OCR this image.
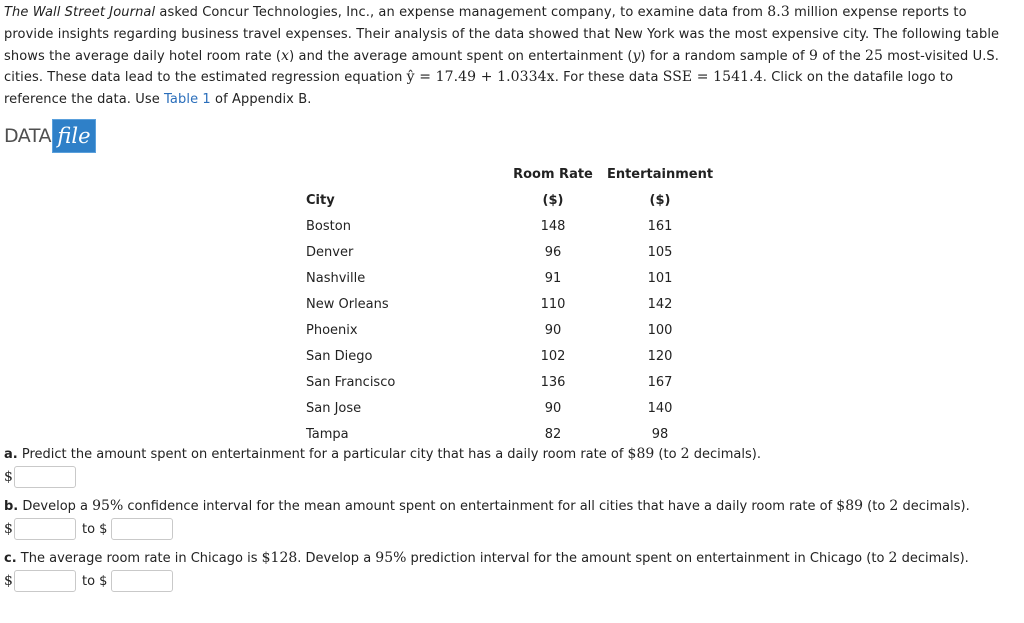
The Wall Street Journal asked Concur Technologies, Inc., an expense management company, to examine data from 8.3 million expense reports to provide insights regarding business travel expenses. Their analysis of the data showed that New York was the most expensive city. The following table shows the average daily hotel room rate (x) and the average amount spent on entertainment (y) for a random sample of 9 of the 25 most-visited U.S. cities. These data lead to the estimated regression equation ŷ = 17.49 + 1.0334x. For these data SSE = 1541.4. Click on the datafile logo to reference the data. Use Table 1 of Appendix B.
DATA file
	Room Rate	Entertainment
City	($)	($)
Boston	148	161
Denver	96	105
Nashville	91	101
New Orleans	110	142
Phoenix	90	100
San Diego	102	120
San Francisco	136	167
San Jose	90	140
Tampa	82	98
a. Predict the amount spent on entertainment for a particular city that has a daily room rate of $89 (to 2 decimals).
$
b. Develop a 95% confidence interval for the mean amount spent on entertainment for all cities that have a daily room rate of $89 (to 2 decimals).
$	to $
c. The average room rate in Chicago is $128. Develop a 95% prediction interval for the amount spent on entertainment in Chicago (to 2 decimals).
$	to $
